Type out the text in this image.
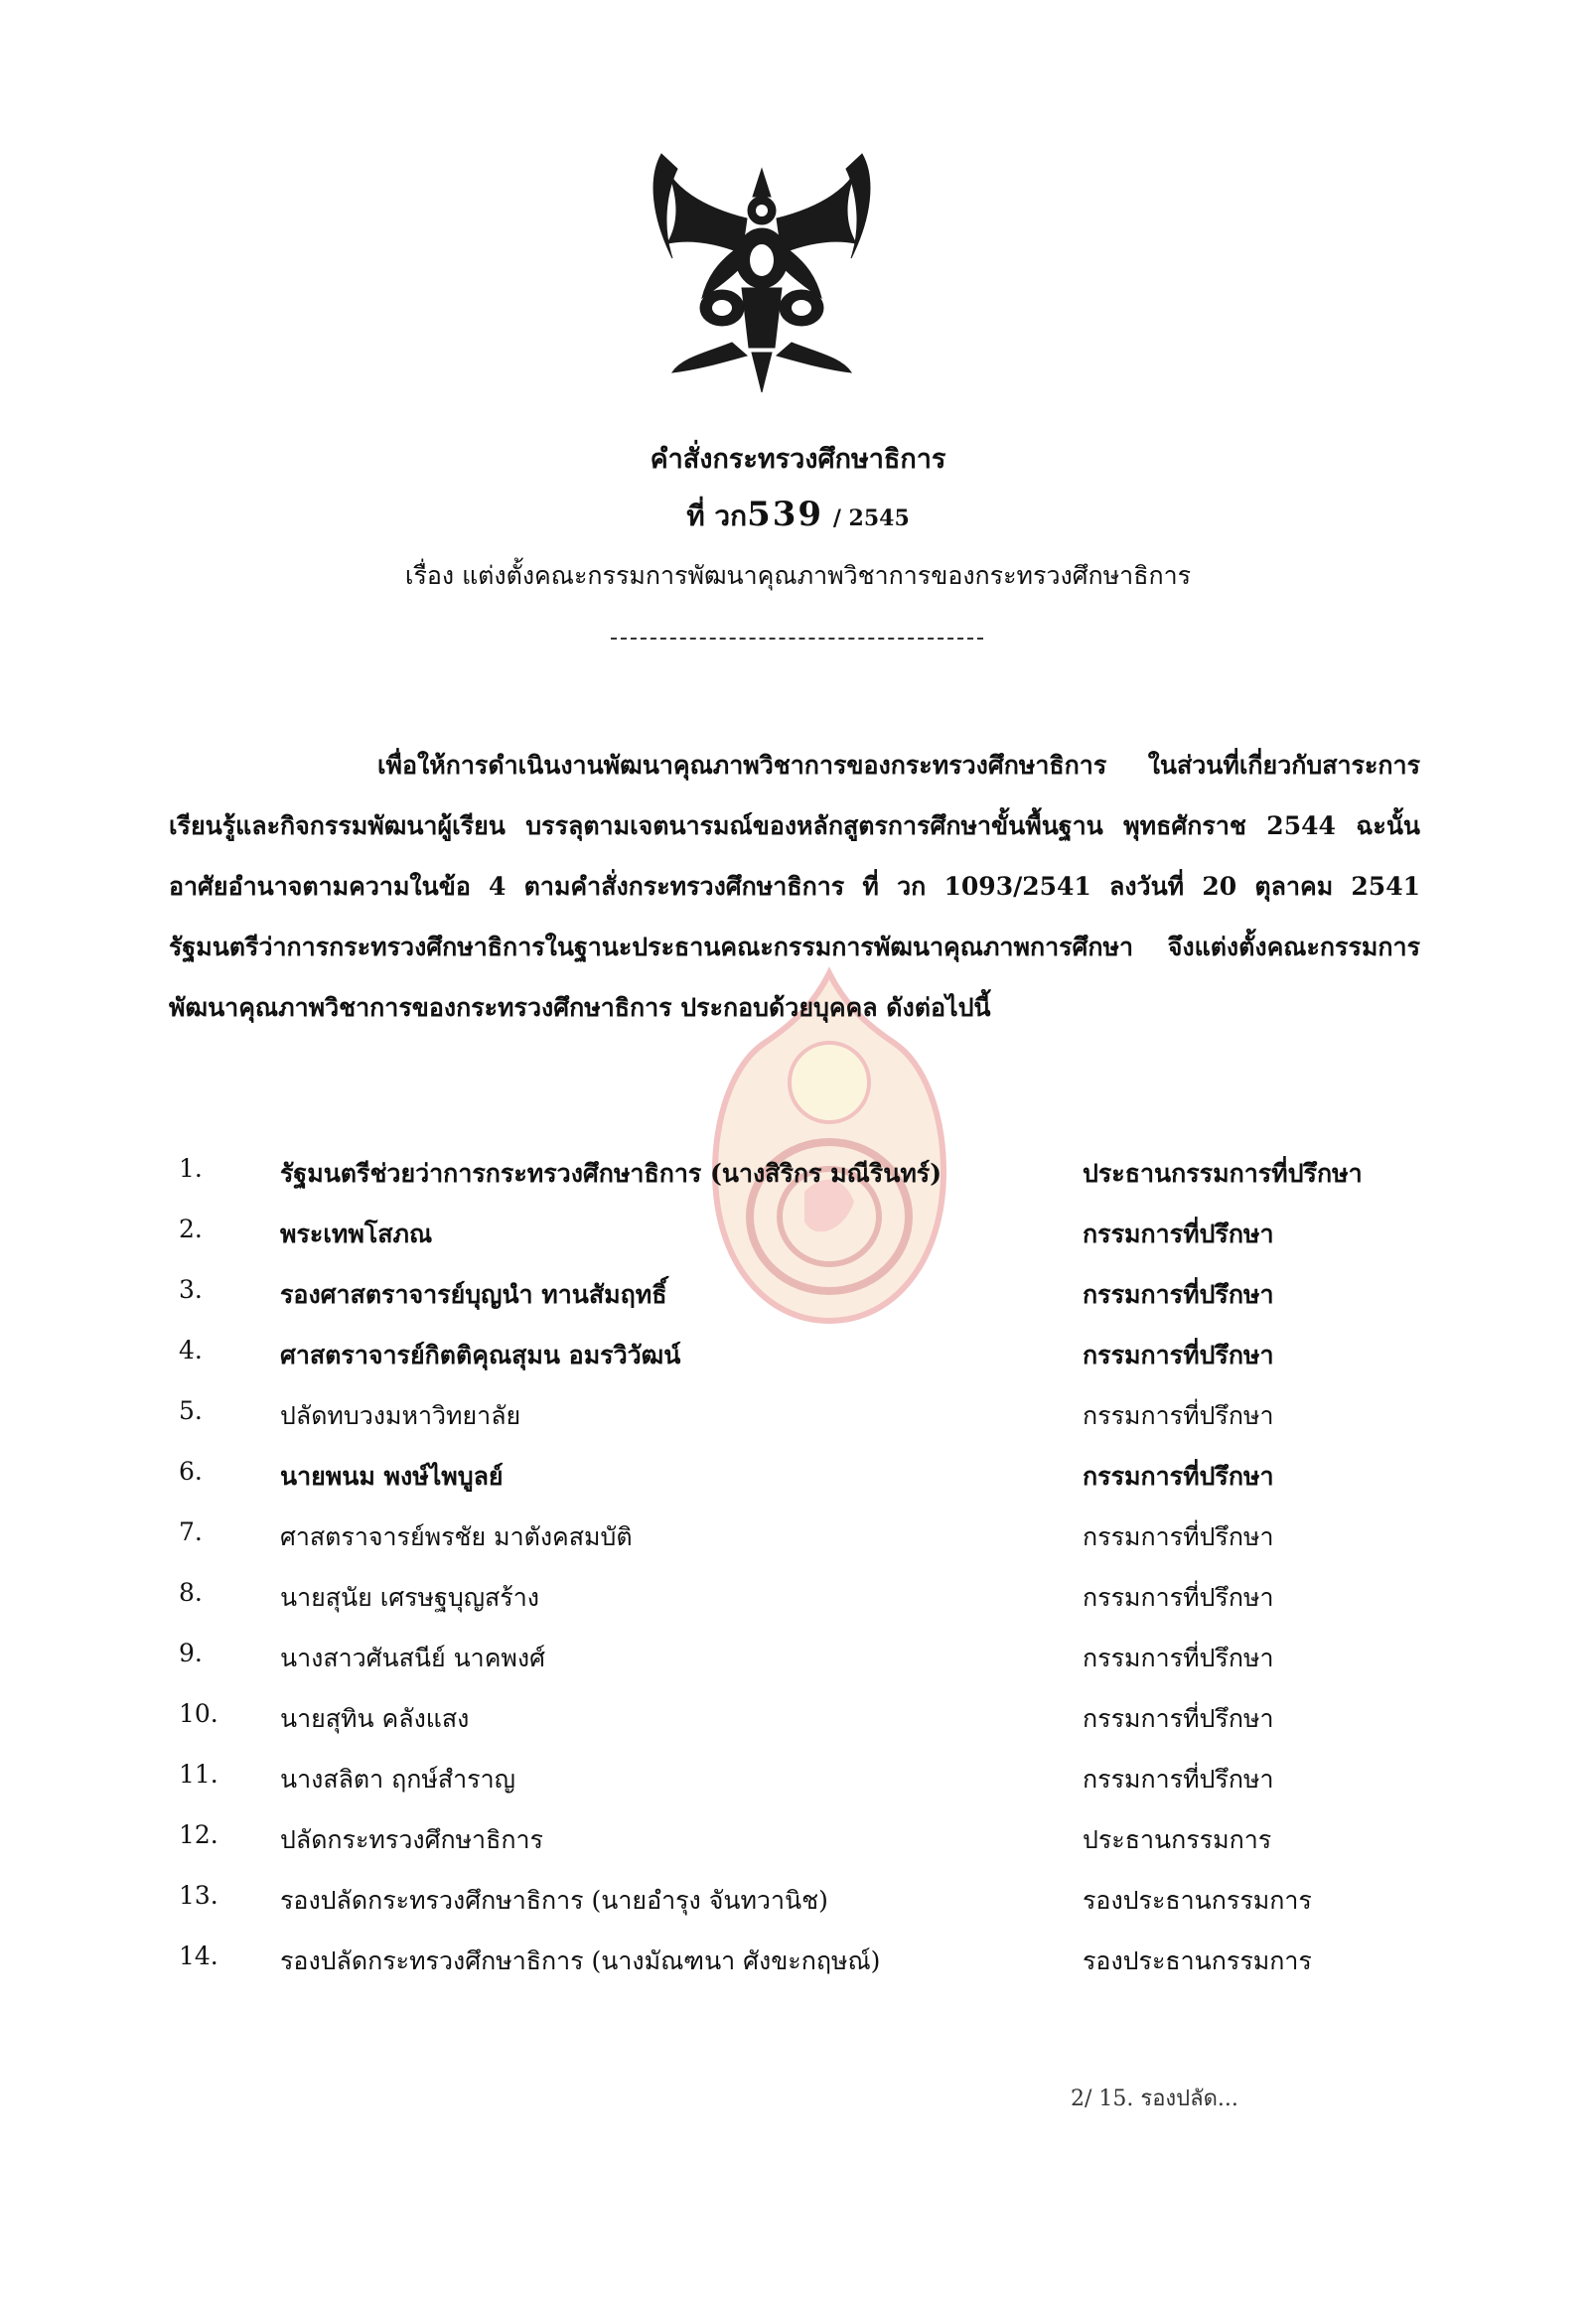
คำสั่งกระทรวงศึกษาธิการ
ที่ วก539 / 2545
เรื่อง แต่งตั้งคณะกรรมการพัฒนาคุณภาพวิชาการของกระทรวงศึกษาธิการ
เพื่อให้การดำเนินงานพัฒนาคุณภาพวิชาการของกระทรวงศึกษาธิการ ในส่วนที่เกี่ยวกับสาระการเรียนรู้และกิจกรรมพัฒนาผู้เรียน บรรลุตามเจตนารมณ์ของหลักสูตรการศึกษาขั้นพื้นฐาน พุทธศักราช 2544 ฉะนั้น อาศัยอำนาจตามความในข้อ 4 ตามคำสั่งกระทรวงศึกษาธิการ ที่ วก 1093/2541 ลงวันที่ 20 ตุลาคม 2541 รัฐมนตรีว่าการกระทรวงศึกษาธิการในฐานะประธานคณะกรรมการพัฒนาคุณภาพการศึกษา จึงแต่งตั้งคณะกรรมการพัฒนาคุณภาพวิชาการของกระทรวงศึกษาธิการ ประกอบด้วยบุคคล ดังต่อไปนี้
1.	รัฐมนตรีช่วยว่าการกระทรวงศึกษาธิการ (นางสิริกร มณีรินทร์)	ประธานกรรมการที่ปรึกษา
2.	พระเทพโสภณ	กรรมการที่ปรึกษา
3.	รองศาสตราจารย์บุญนำ ทานสัมฤทธิ์	กรรมการที่ปรึกษา
4.	ศาสตราจารย์กิตติคุณสุมน อมรวิวัฒน์	กรรมการที่ปรึกษา
5.	ปลัดทบวงมหาวิทยาลัย	กรรมการที่ปรึกษา
6.	นายพนม พงษ์ไพบูลย์	กรรมการที่ปรึกษา
7.	ศาสตราจารย์พรชัย มาตังคสมบัติ	กรรมการที่ปรึกษา
8.	นายสุนัย เศรษฐบุญสร้าง	กรรมการที่ปรึกษา
9.	นางสาวศันสนีย์ นาคพงศ์	กรรมการที่ปรึกษา
10.	นายสุทิน คลังแสง	กรรมการที่ปรึกษา
11.	นางสลิตา ฤกษ์สำราญ	กรรมการที่ปรึกษา
12.	ปลัดกระทรวงศึกษาธิการ	ประธานกรรมการ
13.	รองปลัดกระทรวงศึกษาธิการ (นายอำรุง จันทวานิช)	รองประธานกรรมการ
14.	รองปลัดกระทรวงศึกษาธิการ (นางมัณฑนา ศังขะกฤษณ์)	รองประธานกรรมการ
2/ 15. รองปลัด...
